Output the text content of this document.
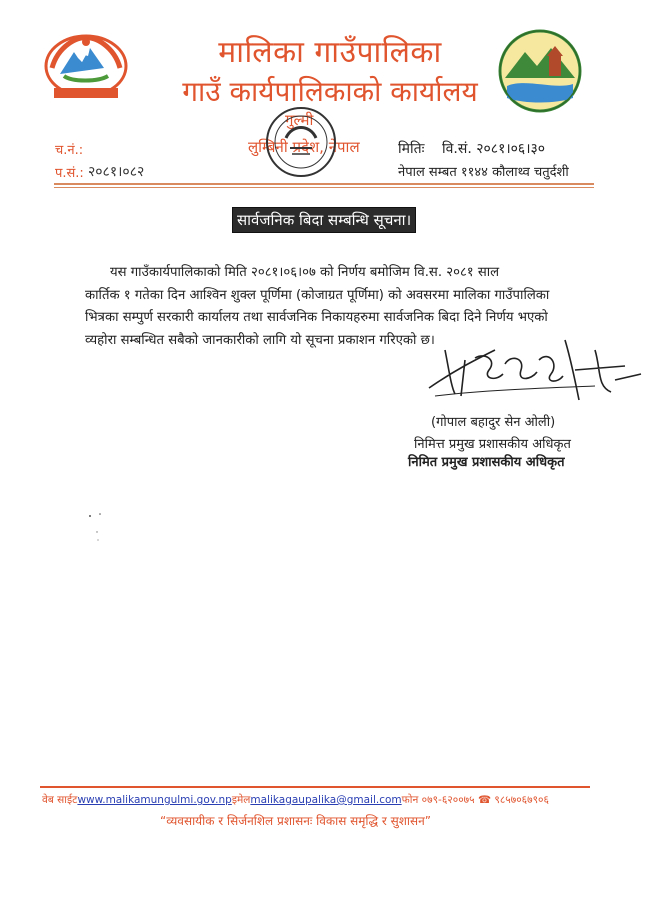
मालिका गाउँपालिका
गाउँ कार्यपालिकाको कार्यालय
गुल्मी
लुम्बिनी प्रदेश, नेपाल
च.नं.:
प.सं.: २०८१।०८२
मितिः वि.सं. २०८१।०६।३०
नेपाल सम्बत ११४४ कौलाथ्व चतुर्दशी
सार्वजनिक बिदा सम्बन्धि सूचना।
यस गाउँकार्यपालिकाको मिति २०८१।०६।०७ को निर्णय बमोजिम वि.स. २०८१ साल
कार्तिक १ गतेका दिन आश्विन शुक्ल पूर्णिमा (कोजाग्रत पूर्णिमा) को अवसरमा मालिका गाउँपालिका
भित्रका सम्पुर्ण सरकारी कार्यालय तथा सार्वजनिक निकायहरुमा सार्वजनिक बिदा दिने निर्णय भएको
व्यहोरा सम्बन्धित सबैको जानकारीको लागि यो सूचना प्रकाशन गरिएको छ।
(गोपाल बहादुर सेन ओली)
निमित्त प्रमुख प्रशासकीय अधिकृत
निमित प्रमुख प्रशासकीय अधिकृत
वेब साईटwww.malikamungulmi.gov.npइमेलmalikagaupalika@gmail.comफोन ०७९-६२००७५ ☎ ९८५७०६७९०६
“व्यवसायीक र सिर्जनशिल प्रशासनः विकास समृद्धि र सुशासन”
